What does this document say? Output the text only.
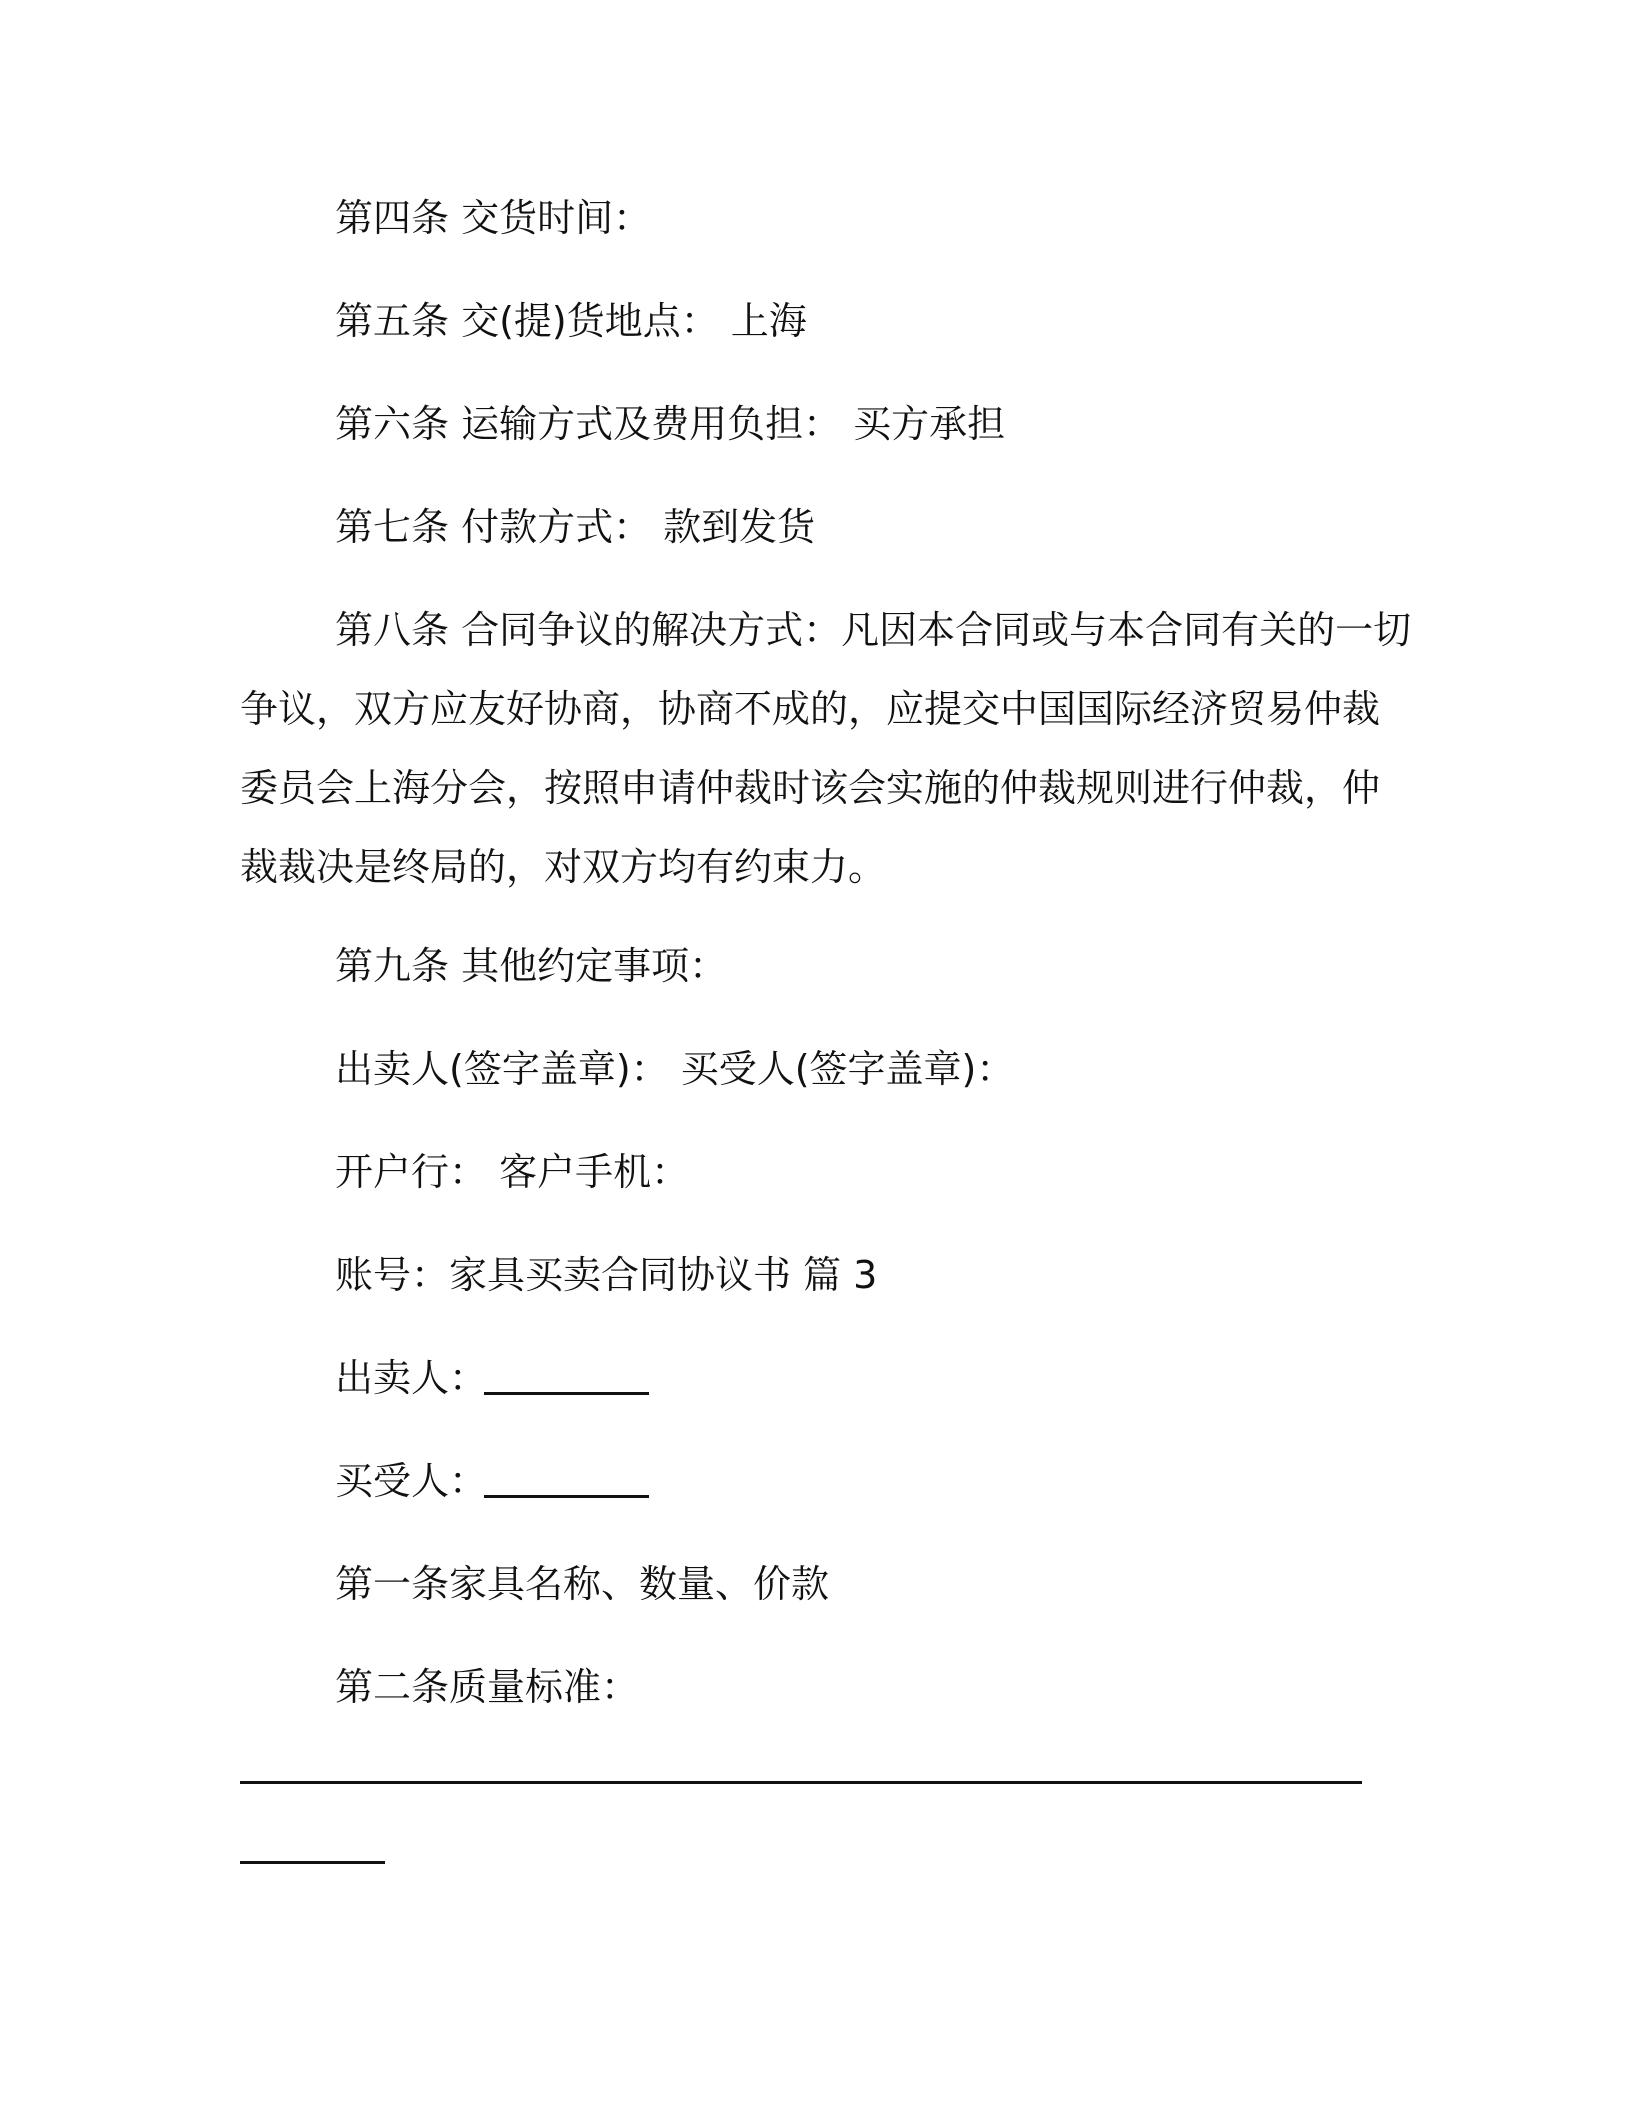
第四条 交货时间：
第五条 交(提)货地点： 上海
第六条 运输方式及费用负担： 买方承担
第七条 付款方式： 款到发货
第八条 合同争议的解决方式：凡因本合同或与本合同有关的一切
争议，双方应友好协商，协商不成的，应提交中国国际经济贸易仲裁
委员会上海分会，按照申请仲裁时该会实施的仲裁规则进行仲裁，仲
裁裁决是终局的，对双方均有约束力。
第九条 其他约定事项：
出卖人(签字盖章)： 买受人(签字盖章)：
开户行： 客户手机：
账号：家具买卖合同协议书 篇 3
出卖人：
买受人：
第一条家具名称、数量、价款
第二条质量标准：
